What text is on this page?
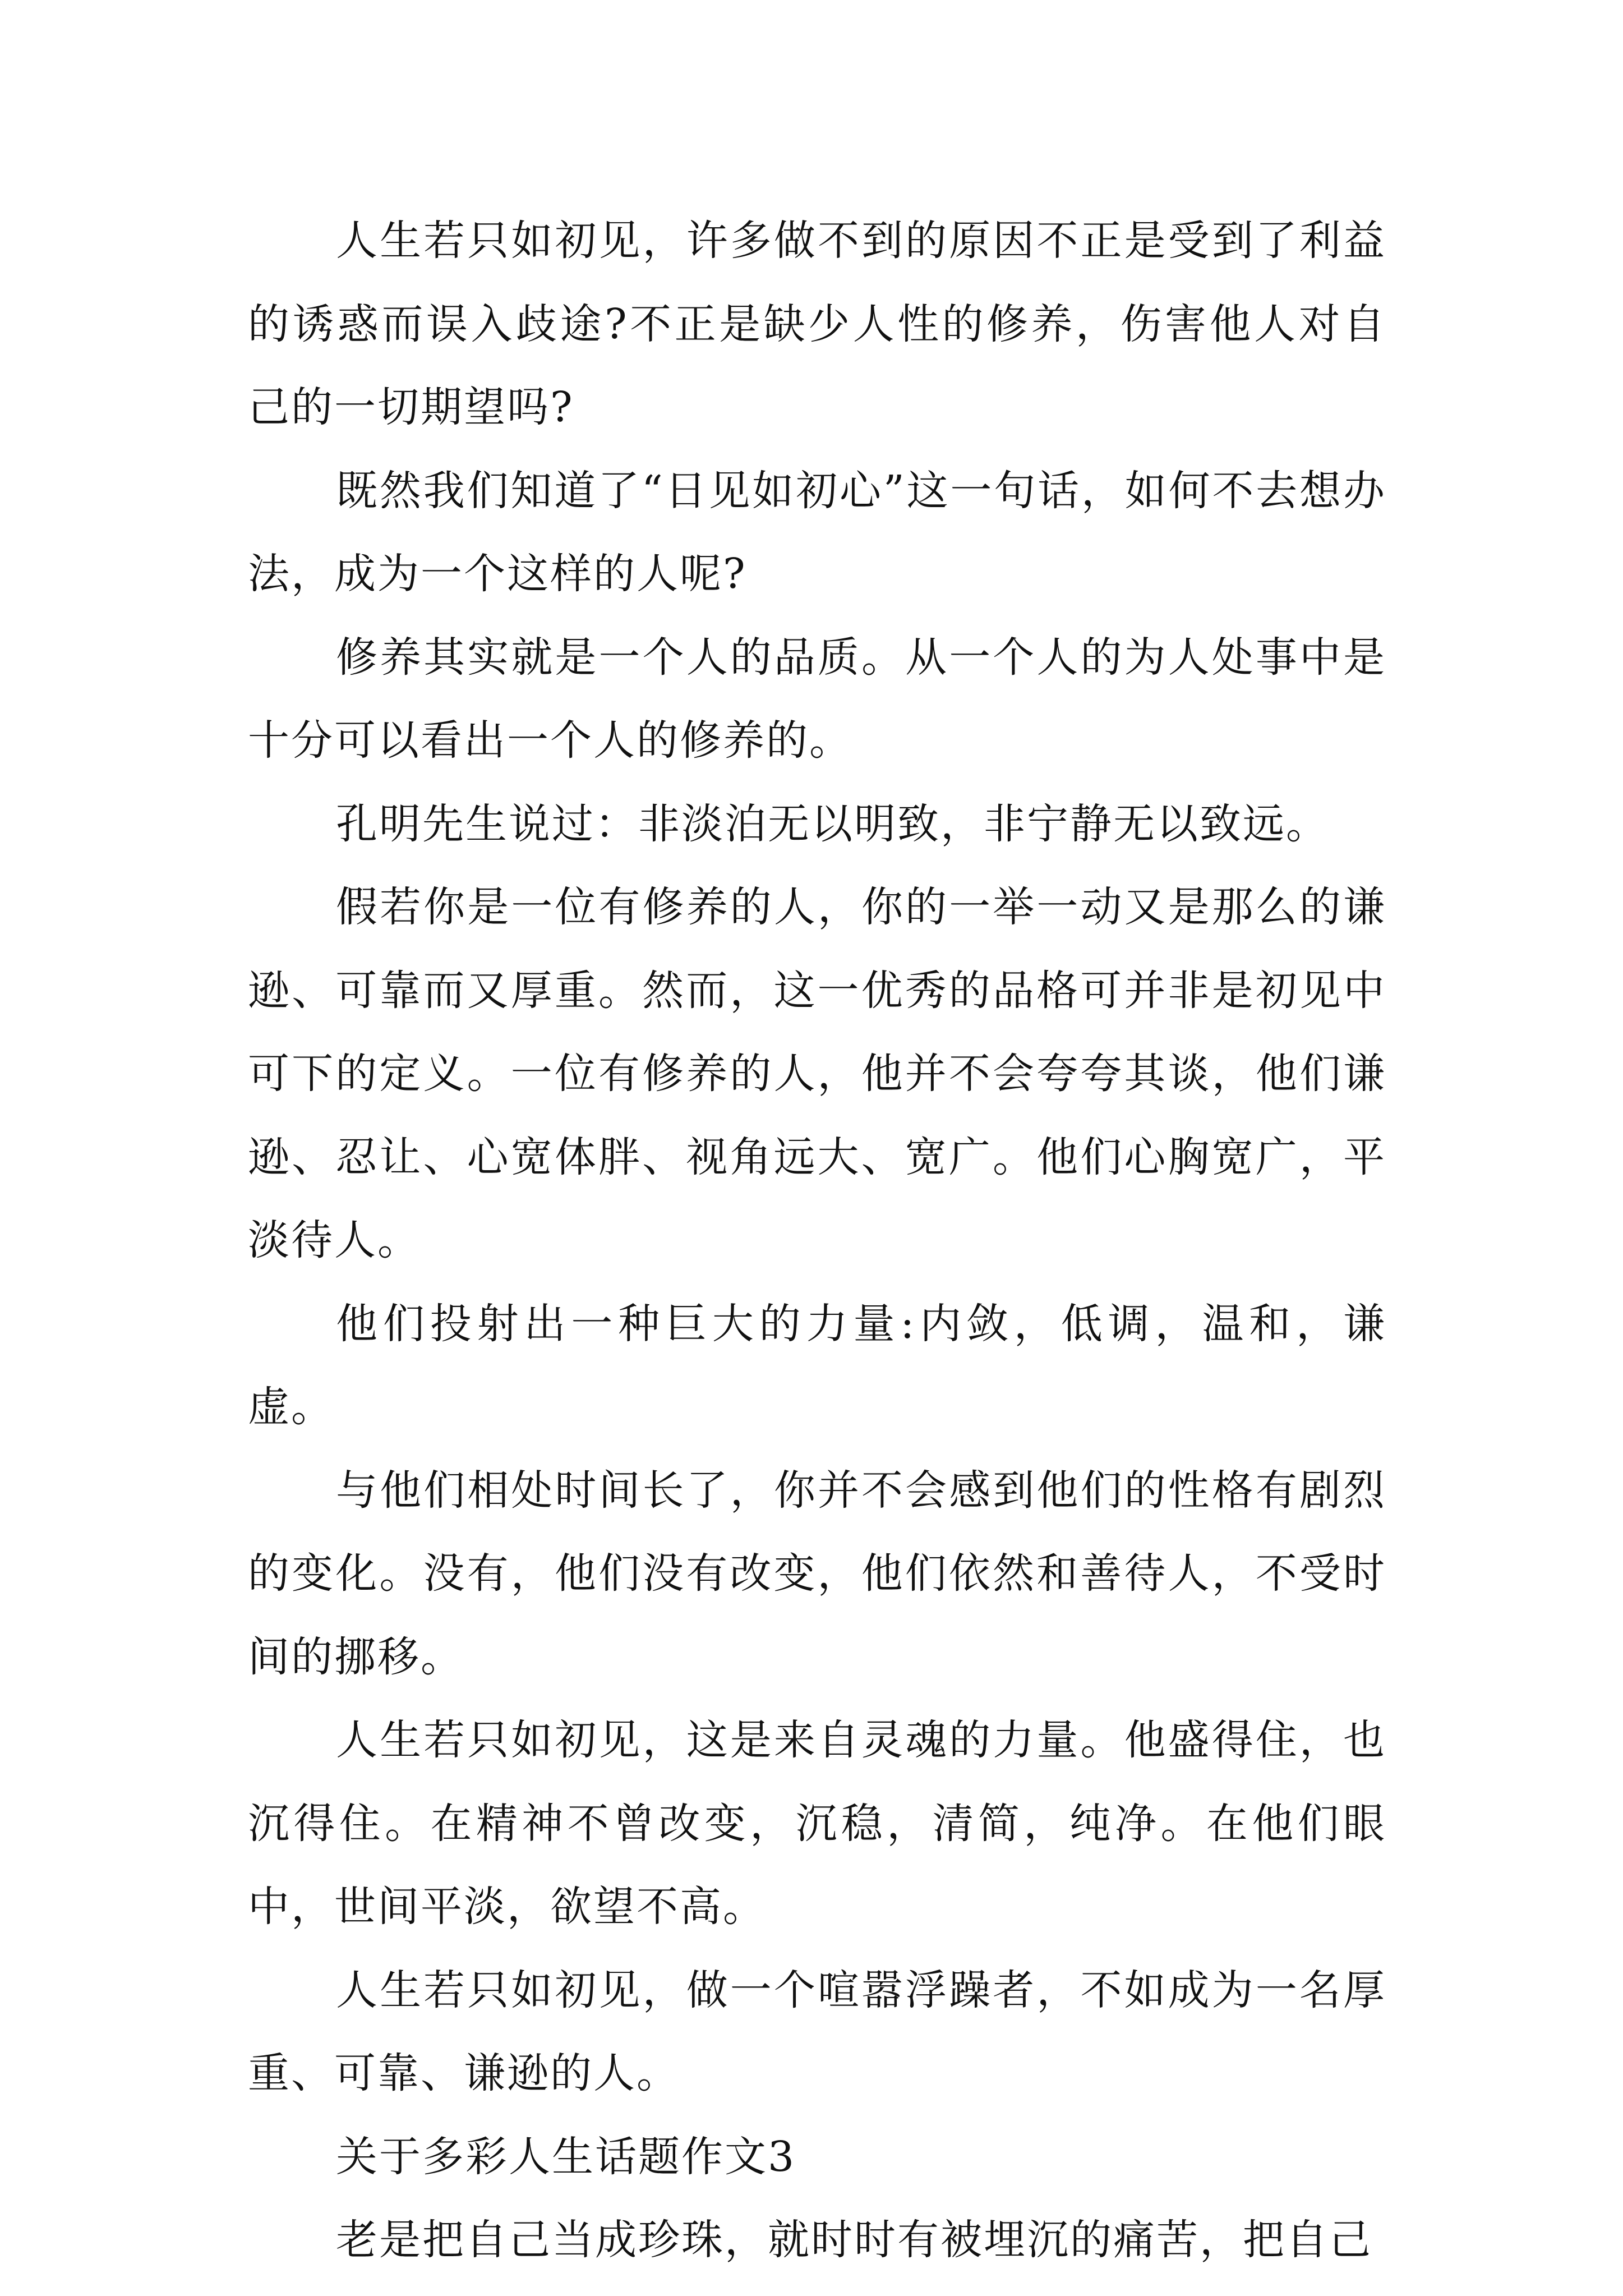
人生若只如初见，许多做不到的原因不正是受到了利益的诱惑而误入歧途?不正是缺少人性的修养，伤害他人对自己的一切期望吗?

既然我们知道了“日见如初心”这一句话，如何不去想办法，成为一个这样的人呢?

修养其实就是一个人的品质。从一个人的为人处事中是十分可以看出一个人的修养的。

孔明先生说过：非淡泊无以明致，非宁静无以致远。

假若你是一位有修养的人，你的一举一动又是那么的谦逊、可靠而又厚重。然而，这一优秀的品格可并非是初见中可下的定义。一位有修养的人，他并不会夸夸其谈，他们谦逊、忍让、心宽体胖、视角远大、宽广。他们心胸宽广，平淡待人。

他们投射出一种巨大的力量:内敛，低调，温和，谦虚。

与他们相处时间长了，你并不会感到他们的性格有剧烈的变化。没有，他们没有改变，他们依然和善待人，不受时间的挪移。

人生若只如初见，这是来自灵魂的力量。他盛得住，也沉得住。在精神不曾改变，沉稳，清简，纯净。在他们眼中，世间平淡，欲望不高。

人生若只如初见，做一个喧嚣浮躁者，不如成为一名厚重、可靠、谦逊的人。

关于多彩人生话题作文3

老是把自己当成珍珠，就时时有被埋沉的痛苦，把自己
